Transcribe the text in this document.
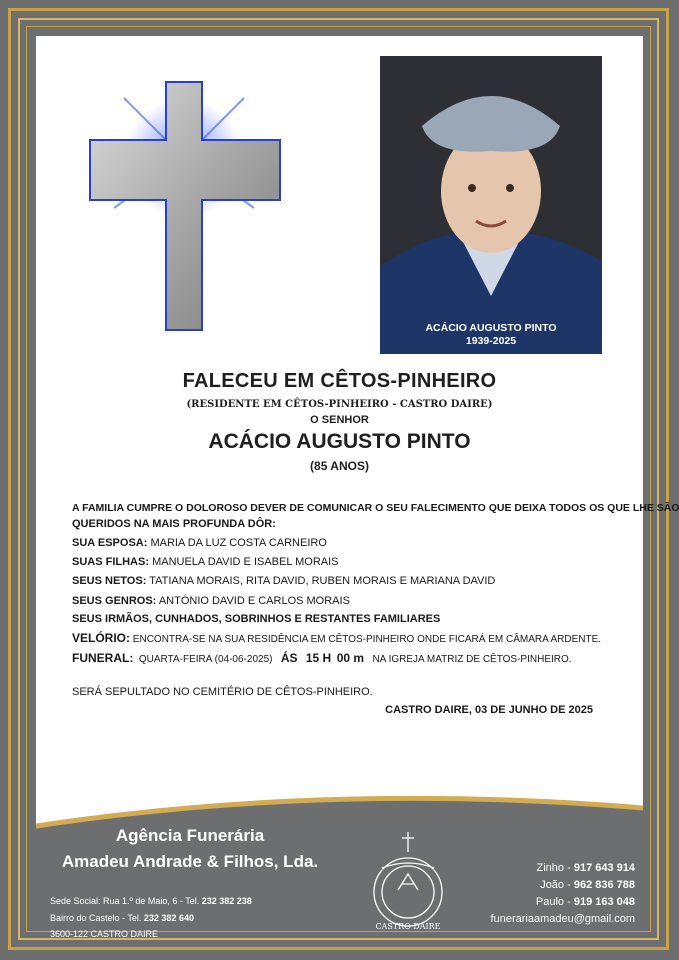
ACÁCIO AUGUSTO PINTO
1939-2025
FALECEU EM CÊTOS-PINHEIRO
(RESIDENTE EM CÊTOS-PINHEIRO - CASTRO DAIRE)
O SENHOR
ACÁCIO AUGUSTO PINTO
(85 ANOS)
A FAMILIA CUMPRE O DOLOROSO DEVER DE COMUNICAR O SEU FALECIMENTO QUE DEIXA TODOS OS QUE LHE SÃO
QUERIDOS NA MAIS PROFUNDA DÔR:
SUA ESPOSA: MARIA DA LUZ COSTA CARNEIRO
SUAS FILHAS: MANUELA DAVID E ISABEL MORAIS
SEUS NETOS: TATIANA MORAIS, RITA DAVID, RUBEN MORAIS E MARIANA DAVID
SEUS GENROS: ANTÓNIO DAVID E CARLOS MORAIS
SEUS IRMÃOS, CUNHADOS, SOBRINHOS E RESTANTES FAMILIARES
VELÓRIO: ENCONTRA-SE NA SUA RESIDÊNCIA EM CÊTOS-PINHEIRO ONDE FICARÁ EM CÂMARA ARDENTE.
FUNERAL: QUARTA-FEIRA (04-06-2025) ÁS 15 H 00 m NA IGREJA MATRIZ DE CÊTOS-PINHEIRO.
SERÁ SEPULTADO NO CEMITÉRIO DE CÊTOS-PINHEIRO.
CASTRO DAIRE, 03 DE JUNHO DE 2025
Agência Funerária
Amadeu Andrade & Filhos, Lda.
Sede Social: Rua 1.º de Maio, 6 - Tel. 232 382 238
Bairro do Castelo - Tel. 232 382 640
3600-122 CASTRO DAIRE
CASTRO DAIRE
Zinho - 917 643 914
João - 962 836 788
Paulo - 919 163 048
funerariaamadeu@gmail.com
